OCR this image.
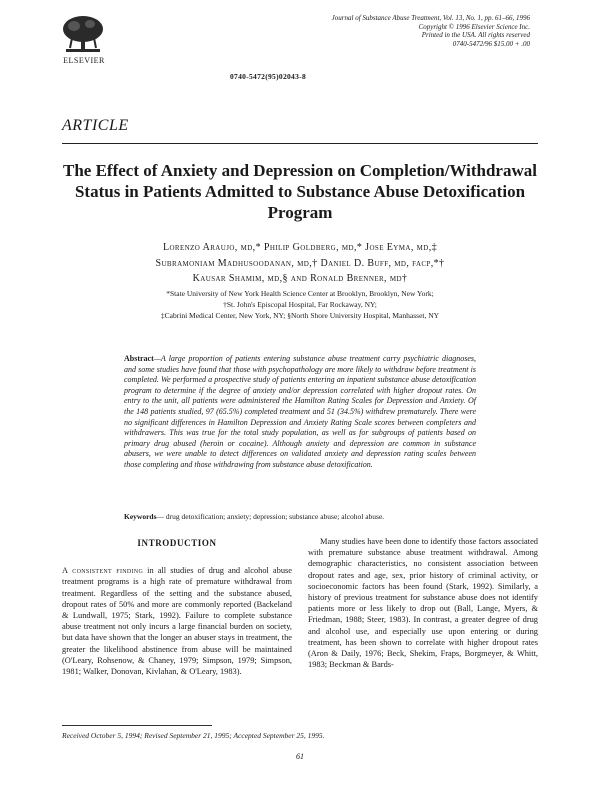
ELSEVIER
Journal of Substance Abuse Treatment, Vol. 13, No. 1, pp. 61–66, 1996
Copyright © 1996 Elsevier Science Inc.
Printed in the USA. All rights reserved
0740-5472/96 $15.00 + .00
0740-5472(95)02043-8
ARTICLE
The Effect of Anxiety and Depression on Completion/Withdrawal Status in Patients Admitted to Substance Abuse Detoxification Program
Lorenzo Araujo, md,* Philip Goldberg, md,* Jose Eyma, md,‡
Subramoniam Madhusoodanan, md,† Daniel D. Buff, md, facp,*†
Kausar Shamim, md,§ and Ronald Brenner, md†
*State University of New York Health Science Center at Brooklyn, Brooklyn, New York;
†St. John's Episcopal Hospital, Far Rockaway, NY;
‡Cabrini Medical Center, New York, NY; §North Shore University Hospital, Manhasset, NY
Abstract—A large proportion of patients entering substance abuse treatment carry psychiatric diagnoses, and some studies have found that those with psychopathology are more likely to withdraw before treatment is completed. We performed a prospective study of patients entering an inpatient substance abuse detoxification program to determine if the degree of anxiety and/or depression correlated with higher dropout rates. On entry to the unit, all patients were administered the Hamilton Rating Scales for Depression and Anxiety. Of the 148 patients studied, 97 (65.5%) completed treatment and 51 (34.5%) withdrew prematurely. There were no significant differences in Hamilton Depression and Anxiety Rating Scale scores between completers and withdrawers. This was true for the total study population, as well as for subgroups of patients based on primary drug abused (heroin or cocaine). Although anxiety and depression are common in substance abusers, we were unable to detect differences on validated anxiety and depression rating scales between those completing and those withdrawing from substance abuse detoxification.
Keywords— drug detoxification; anxiety; depression; substance abuse; alcohol abuse.
INTRODUCTION

A consistent finding in all studies of drug and alcohol abuse treatment programs is a high rate of premature withdrawal from treatment. Regardless of the setting and the substance abused, dropout rates of 50% and more are commonly reported (Backeland & Lundwall, 1975; Stark, 1992). Failure to complete substance abuse treatment not only incurs a large financial burden on society, but data have shown that the longer an abuser stays in treatment, the greater the likelihood abstinence from abuse will be maintained (O'Leary, Rohsenow, & Chaney, 1979; Simpson, 1979; Simpson, 1981; Walker, Donovan, Kivlahan, & O'Leary, 1983).

Many studies have been done to identify those factors associated with premature substance abuse treatment withdrawal. Among demographic characteristics, no consistent association between dropout rates and age, sex, prior history of criminal activity, or socioeconomic factors has been found (Stark, 1992). Similarly, a history of previous treatment for substance abuse does not identify patients more or less likely to drop out (Ball, Lange, Myers, & Friedman, 1988; Steer, 1983). In contrast, a greater degree of drug and alcohol use, and especially use upon entering or during treatment, has been shown to correlate with higher dropout rates (Aron & Daily, 1976; Beck, Shekim, Fraps, Borgmeyer, & Whitt, 1983; Beckman & Bards-

Received October 5, 1994; Revised September 21, 1995; Accepted September 25, 1995.
61
